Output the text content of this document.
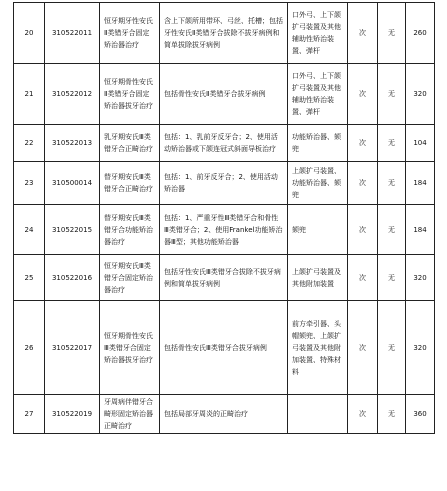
20	310522011	恒牙期牙性安氏Ⅱ类错牙合固定矫治器治疗	含上下颌所用带环、弓丝、托槽；包括牙性安氏Ⅱ类错牙合拔除不拔牙病例和简单拔除拔牙病例	口外弓、上下颌扩弓装置及其他辅助性矫治装置、弹杆	次	无	260
21	310522012	恒牙期骨性安氏Ⅱ类错牙合固定矫治器拔牙治疗	包括骨性安氏Ⅱ类错牙合拔牙病例	口外弓、上下颌扩弓装置及其他辅助性矫治装置、弹杆	次	无	320
22	310522013	乳牙期安氏Ⅲ类错牙合正畸治疗	包括：1、乳前牙反牙合；2、使用活动矫治器或下颌连冠式斜面导板治疗	功能矫治器、颏兜	次	无	104
23	310500014	替牙期安氏Ⅲ类错牙合正畸治疗	包括：1、前牙反牙合；2、使用活动矫治器	上颌扩弓装置、功能矫治器、颏兜	次	无	184
24	310522015	替牙期安氏Ⅲ类错牙合功能矫治器治疗	包括：1、严重牙性Ⅲ类错牙合和骨性Ⅲ类错牙合；2、使用Frankel功能矫治器Ⅲ型；其他功能矫治器	颏兜	次	无	184
25	310522016	恒牙期安氏Ⅲ类错牙合固定矫治器治疗	包括牙性安氏Ⅲ类错牙合拔除不拔牙病例和简单拔牙病例	上颌扩弓装置及其他附加装置	次	无	320
26	310522017	恒牙期骨性安氏Ⅲ类错牙合固定矫治器拔牙治疗	包括骨性安氏Ⅲ类错牙合拔牙病例	前方牵引器、头帽颏兜、上颌扩弓装置及其他附加装置、特殊材料	次	无	320
27	310522019	牙周病伴错牙合畸形固定矫治器正畸治疗	包括局部牙周炎的正畸治疗		次	无	360
